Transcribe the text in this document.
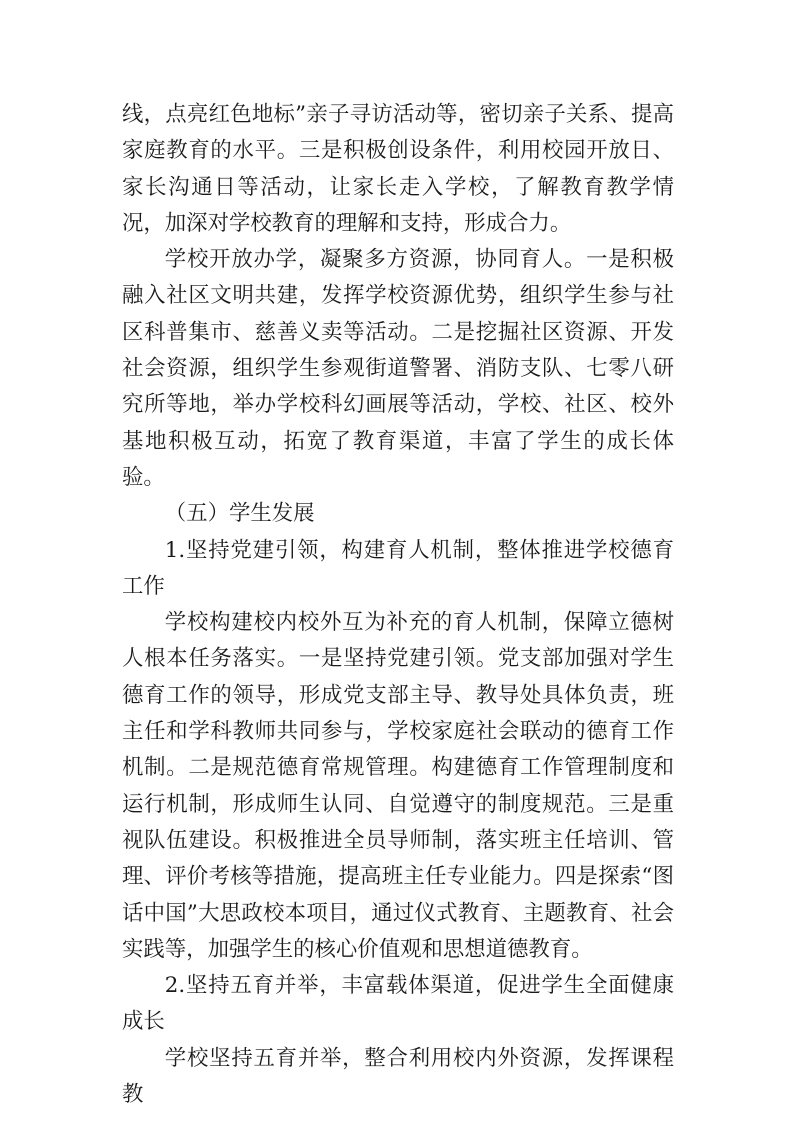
线，点亮红色地标”亲子寻访活动等，密切亲子关系、提高家庭教育的水平。三是积极创设条件，利用校园开放日、家长沟通日等活动，让家长走入学校，了解教育教学情况，加深对学校教育的理解和支持，形成合力。

学校开放办学，凝聚多方资源，协同育人。一是积极融入社区文明共建，发挥学校资源优势，组织学生参与社区科普集市、慈善义卖等活动。二是挖掘社区资源、开发社会资源，组织学生参观街道警署、消防支队、七零八研究所等地，举办学校科幻画展等活动，学校、社区、校外基地积极互动，拓宽了教育渠道，丰富了学生的成长体验。

（五）学生发展

1.坚持党建引领，构建育人机制，整体推进学校德育工作

学校构建校内校外互为补充的育人机制，保障立德树人根本任务落实。一是坚持党建引领。党支部加强对学生德育工作的领导，形成党支部主导、教导处具体负责，班主任和学科教师共同参与，学校家庭社会联动的德育工作机制。二是规范德育常规管理。构建德育工作管理制度和运行机制，形成师生认同、自觉遵守的制度规范。三是重视队伍建设。积极推进全员导师制，落实班主任培训、管理、评价考核等措施，提高班主任专业能力。四是探索“图话中国”大思政校本项目，通过仪式教育、主题教育、社会实践等，加强学生的核心价值观和思想道德教育。

2.坚持五育并举，丰富载体渠道，促进学生全面健康成长

学校坚持五育并举，整合利用校内外资源，发挥课程教
